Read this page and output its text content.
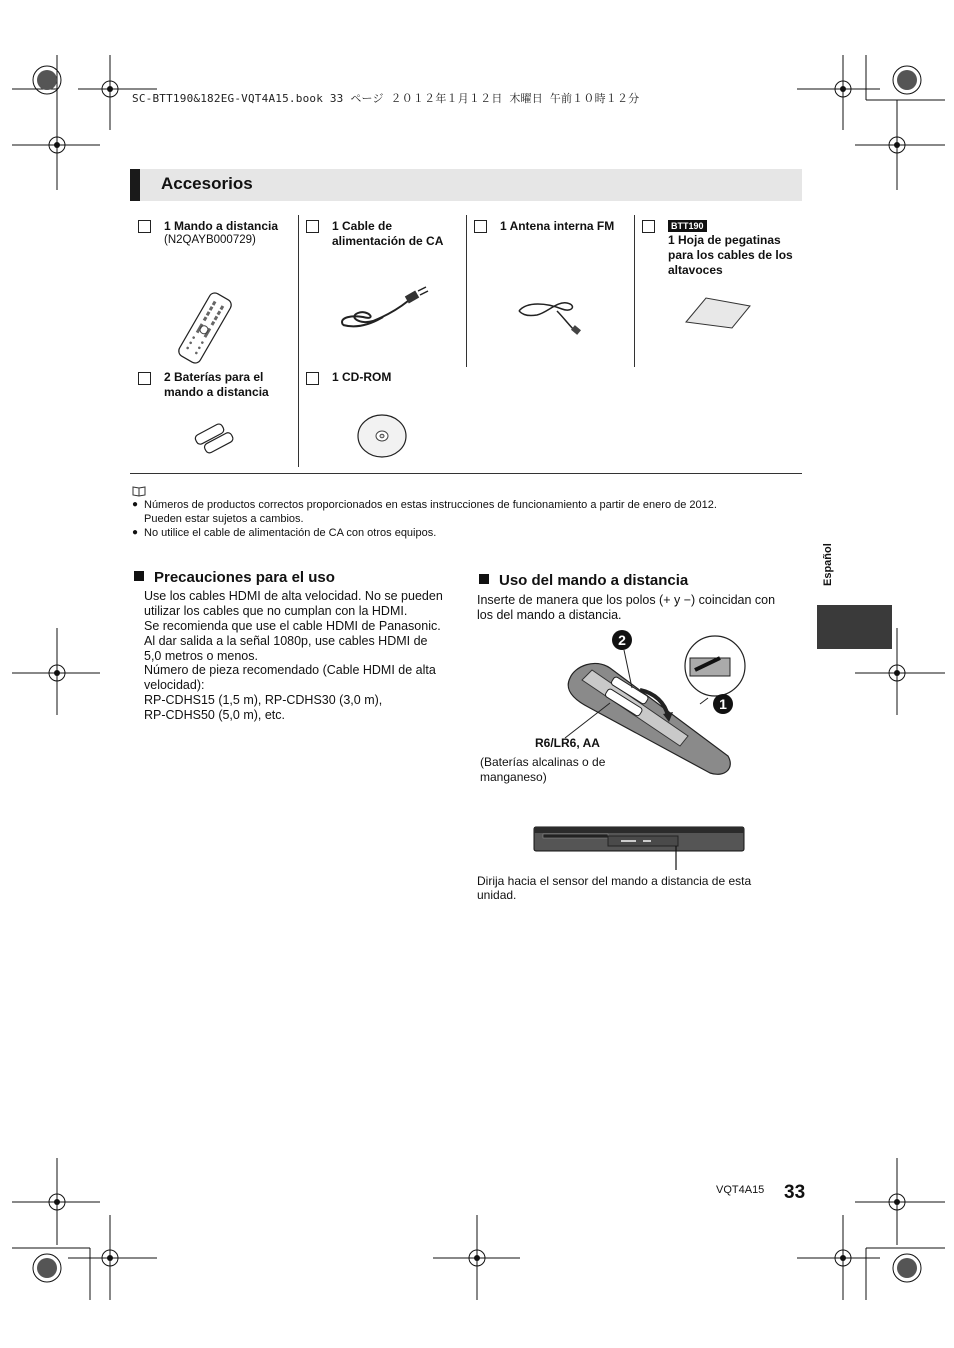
SC-BTT190&182EG-VQT4A15.book 33 ページ ２０１２年１月１２日 木曜日 午前１０時１２分
Accesorios
1 Mando a distancia
(N2QAYB000729)
1 Cable de alimentación de CA
1 Antena interna FM	BTT190
1 Hoja de pegatinas para los cables de los altavoces
2 Baterías para el mando a distancia
1 CD-ROM
● Números de productos correctos proporcionados en estas instrucciones de funcionamiento a partir de enero de 2012.
Pueden estar sujetos a cambios.
● No utilice el cable de alimentación de CA con otros equipos.
Precauciones para el uso
Use los cables HDMI de alta velocidad. No se pueden
utilizar los cables que no cumplan con la HDMI.
Se recomienda que use el cable HDMI de Panasonic.
Al dar salida a la señal 1080p, use cables HDMI de
5,0 metros o menos.
Número de pieza recomendado (Cable HDMI de alta
velocidad):
RP-CDHS15 (1,5 m), RP-CDHS30 (3,0 m),
RP-CDHS50 (5,0 m), etc.
Uso del mando a distancia
Inserte de manera que los polos (+ y −) coincidan con
los del mando a distancia.
2
1
R6/LR6, AA
(Baterías alcalinas o de
manganeso)
Dirija hacia el sensor del mando a distancia de esta
unidad.
Español
VQT4A15 33
